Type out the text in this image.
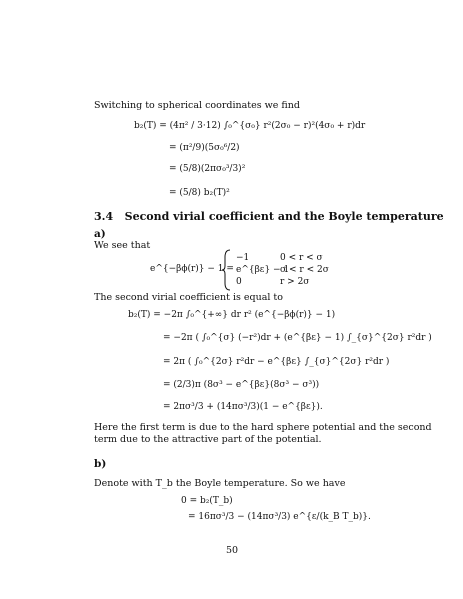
Switching to spherical coordinates we find
b₂(T) = (4π² / 3·12) ∫₀^{σ₀} r²(2σ₀ − r)²(4σ₀ + r)dr
= (π²/9)(5σ₀⁶/2)
= (5/8)(2πσ₀³/3)²
= (5/8) b₂(T)²
3.4 Second virial coefficient and the Boyle temperature
a)
We see that
e^{−βϕ(r)} − 1 =
−1	0 < r < σ
e^{βε} − 1
σ < r < 2σ
0	r > 2σ
The second virial coefficient is equal to
b₂(T) = −2π ∫₀^{+∞} dr r² (e^{−βϕ(r)} − 1)
= −2π ( ∫₀^{σ} (−r²)dr + (e^{βε} − 1) ∫_{σ}^{2σ} r²dr )
= 2π ( ∫₀^{2σ} r²dr − e^{βε} ∫_{σ}^{2σ} r²dr )
= (2/3)π (8σ³ − e^{βε}(8σ³ − σ³))
= 2πσ³/3 + (14πσ³/3)(1 − e^{βε}).
Here the first term is due to the hard sphere potential and the second term due to the attractive part of the potential.
b)
Denote with T_b the Boyle temperature. So we have
0 = b₂(T_b)
= 16πσ³/3 − (14πσ³/3) e^{ε/(k_B T_b)}.
50
